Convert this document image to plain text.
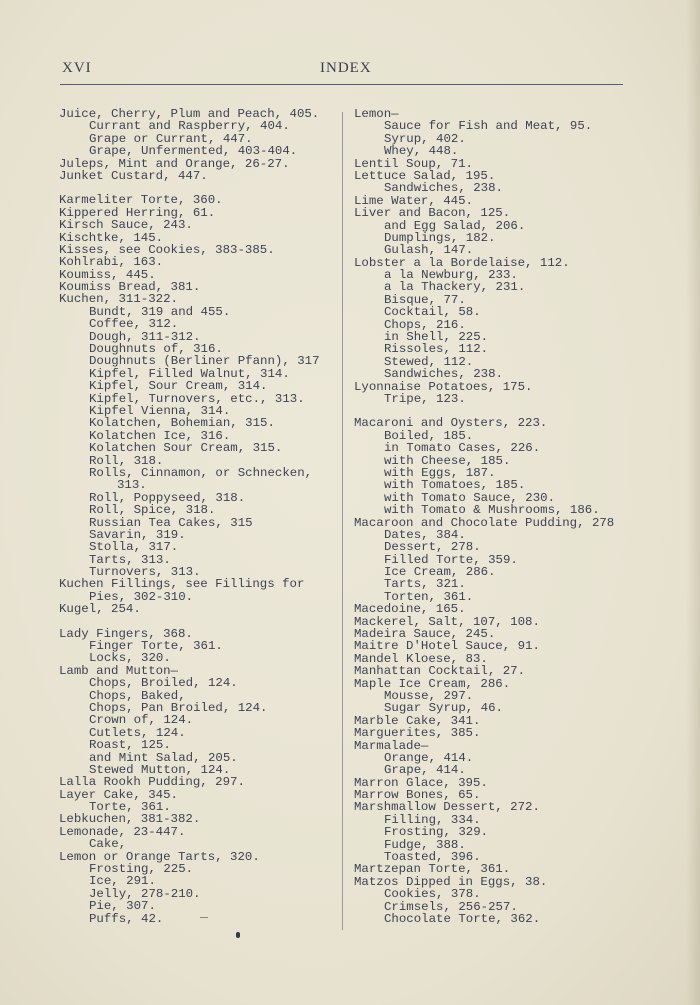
XVI	INDEX
Juice, Cherry, Plum and Peach, 405.
Currant and Raspberry, 404.
Grape or Currant, 447.
Grape, Unfermented, 403-404.
Juleps, Mint and Orange, 26-27.
Junket Custard, 447.
Karmeliter Torte, 360.
Kippered Herring, 61.
Kirsch Sauce, 243.
Kischtke, 145.
Kisses, see Cookies, 383-385.
Kohlrabi, 163.
Koumiss, 445.
Koumiss Bread, 381.
Kuchen, 311-322.
Bundt, 319 and 455.
Coffee, 312.
Dough, 311-312.
Doughnuts of, 316.
Doughnuts (Berliner Pfann), 317
Kipfel, Filled Walnut, 314.
Kipfel, Sour Cream, 314.
Kipfel, Turnovers, etc., 313.
Kipfel Vienna, 314.
Kolatchen, Bohemian, 315.
Kolatchen Ice, 316.
Kolatchen Sour Cream, 315.
Roll, 318.
Rolls, Cinnamon, or Schnecken,
313.
Roll, Poppyseed, 318.
Roll, Spice, 318.
Russian Tea Cakes, 315
Savarin, 319.
Stolla, 317.
Tarts, 313.
Turnovers, 313.
Kuchen Fillings, see Fillings for
Pies, 302-310.
Kugel, 254.
Lady Fingers, 368.
Finger Torte, 361.
Locks, 320.
Lamb and Mutton—
Chops, Broiled, 124.
Chops, Baked,
Chops, Pan Broiled, 124.
Crown of, 124.
Cutlets, 124.
Roast, 125.
and Mint Salad, 205.
Stewed Mutton, 124.
Lalla Rookh Pudding, 297.
Layer Cake, 345.
Torte, 361.
Lebkuchen, 381-382.
Lemonade, 23-447.
Cake,
Lemon or Orange Tarts, 320.
Frosting, 225.
Ice, 291.
Jelly, 278-210.
Pie, 307.
Puffs, 42.
Lemon—
Sauce for Fish and Meat, 95.
Syrup, 402.
Whey, 448.
Lentil Soup, 71.
Lettuce Salad, 195.
Sandwiches, 238.
Lime Water, 445.
Liver and Bacon, 125.
and Egg Salad, 206.
Dumplings, 182.
Gulash, 147.
Lobster a la Bordelaise, 112.
a la Newburg, 233.
a la Thackery, 231.
Bisque, 77.
Cocktail, 58.
Chops, 216.
in Shell, 225.
Rissoles, 112.
Stewed, 112.
Sandwiches, 238.
Lyonnaise Potatoes, 175.
Tripe, 123.
Macaroni and Oysters, 223.
Boiled, 185.
in Tomato Cases, 226.
with Cheese, 185.
with Eggs, 187.
with Tomatoes, 185.
with Tomato Sauce, 230.
with Tomato & Mushrooms, 186.
Macaroon and Chocolate Pudding, 278
Dates, 384.
Dessert, 278.
Filled Torte, 359.
Ice Cream, 286.
Tarts, 321.
Torten, 361.
Macedoine, 165.
Mackerel, Salt, 107, 108.
Madeira Sauce, 245.
Maitre D'Hotel Sauce, 91.
Mandel Kloese, 83.
Manhattan Cocktail, 27.
Maple Ice Cream, 286.
Mousse, 297.
Sugar Syrup, 46.
Marble Cake, 341.
Marguerites, 385.
Marmalade—
Orange, 414.
Grape, 414.
Marron Glace, 395.
Marrow Bones, 65.
Marshmallow Dessert, 272.
Filling, 334.
Frosting, 329.
Fudge, 388.
Toasted, 396.
Martzepan Torte, 361.
Matzos Dipped in Eggs, 38.
Cookies, 378.
Crimsels, 256-257.
Chocolate Torte, 362.
